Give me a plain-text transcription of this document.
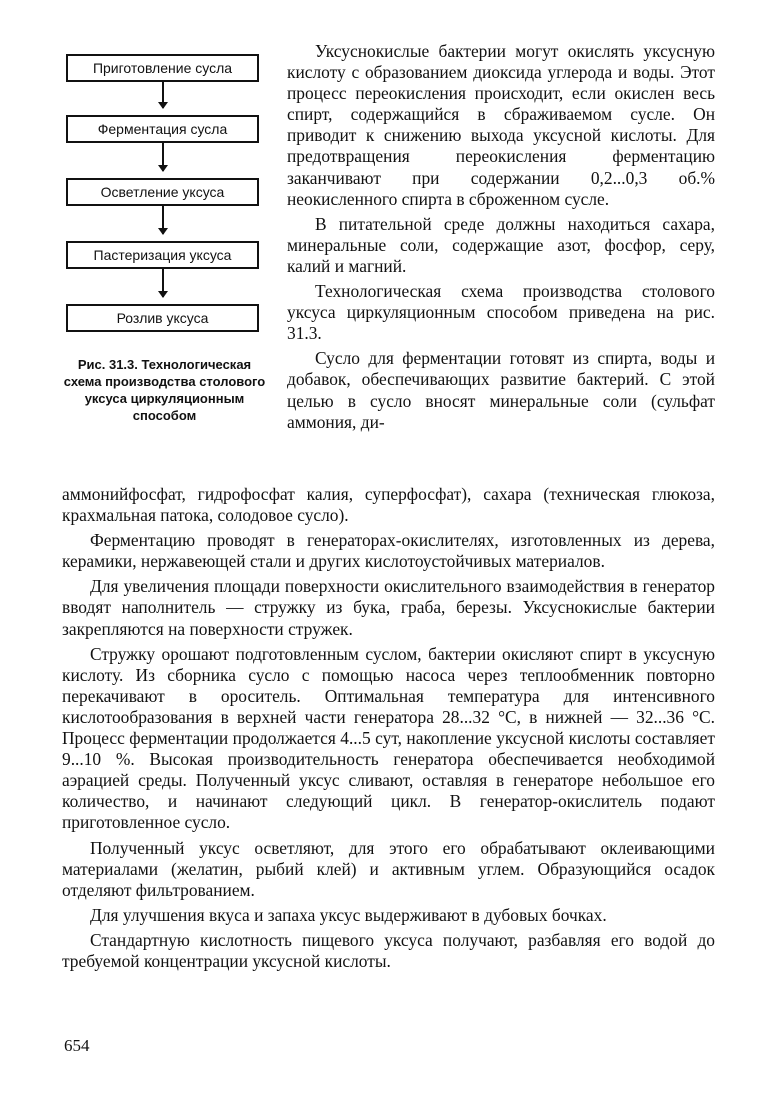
Приготовление сусла
Ферментация сусла
Осветление уксуса
Пастеризация уксуса
Розлив уксуса
Рис. 31.3. Технологическая схема производства столового уксуса циркуляционным способом

Уксуснокислые бактерии могут окислять уксусную кислоту с образованием диоксида углерода и воды. Этот процесс переокисления происходит, если окислен весь спирт, содержащийся в сбраживаемом сусле. Он приводит к снижению выхода уксусной кислоты. Для предотвращения переокисления ферментацию заканчивают при содержании 0,2...0,3 об.% неокисленного спирта в сброженном сусле.

В питательной среде должны находиться сахара, минеральные соли, содержащие азот, фосфор, серу, калий и магний.

Технологическая схема производства столового уксуса циркуляционным способом приведена на рис. 31.3.

Сусло для ферментации готовят из спирта, воды и добавок, обеспечивающих развитие бактерий. С этой целью в сусло вносят минеральные соли (сульфат аммония, ди-

аммонийфосфат, гидрофосфат калия, суперфосфат), сахара (техническая глюкоза, крахмальная патока, солодовое сусло).

Ферментацию проводят в генераторах-окислителях, изготовленных из дерева, керамики, нержавеющей стали и других кислотоустойчивых материалов.

Для увеличения площади поверхности окислительного взаимодействия в генератор вводят наполнитель — стружку из бука, граба, березы. Уксуснокислые бактерии закрепляются на поверхности стружек.

Стружку орошают подготовленным суслом, бактерии окисляют спирт в уксусную кислоту. Из сборника сусло с помощью насоса через теплообменник повторно перекачивают в ороситель. Оптимальная температура для интенсивного кислотообразования в верхней части генератора 28...32 °С, в нижней — 32...36 °С. Процесс ферментации продолжается 4...5 сут, накопление уксусной кислоты составляет 9...10 %. Высокая производительность генератора обеспечивается необходимой аэрацией среды. Полученный уксус сливают, оставляя в генераторе небольшое его количество, и начинают следующий цикл. В генератор-окислитель подают приготовленное сусло.

Полученный уксус осветляют, для этого его обрабатывают оклеивающими материалами (желатин, рыбий клей) и активным углем. Образующийся осадок отделяют фильтрованием.

Для улучшения вкуса и запаха уксус выдерживают в дубовых бочках.

Стандартную кислотность пищевого уксуса получают, разбавляя его водой до требуемой концентрации уксусной кислоты.

654
